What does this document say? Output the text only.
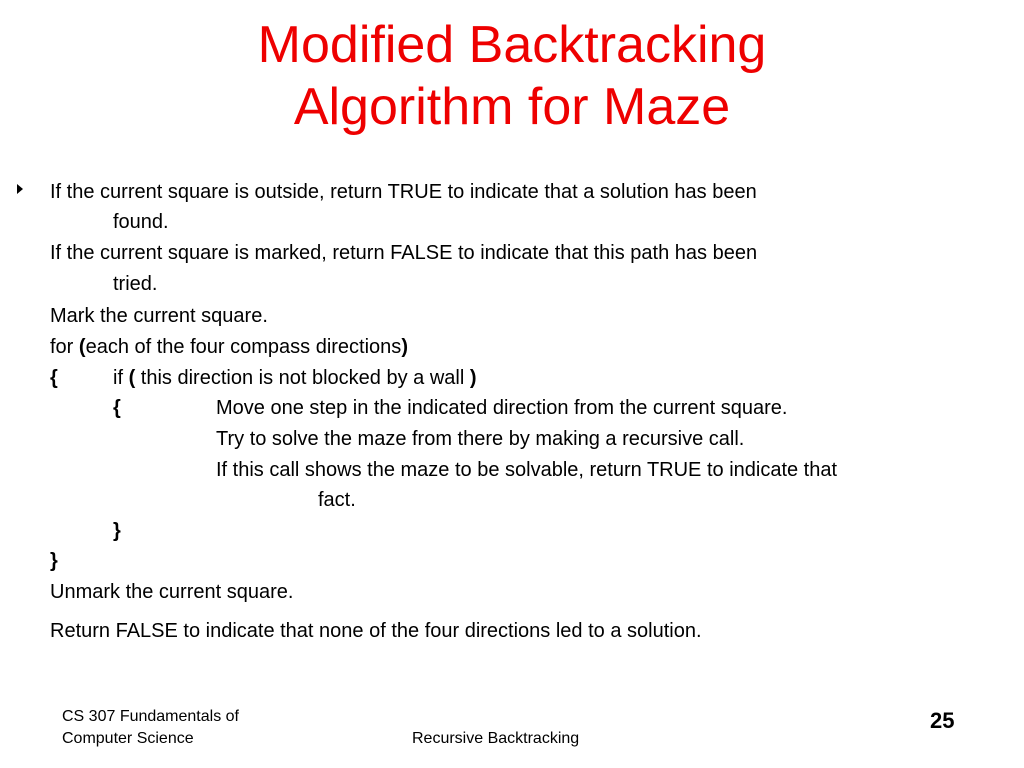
Modified Backtracking
Algorithm for Maze
If the current square is outside, return TRUE to indicate that a solution has been
found.
If the current square is marked, return FALSE to indicate that this path has been
tried.
Mark the current square.
for (each of the four compass directions)
{	if ( this direction is not blocked by a wall )
{	Move one step in the indicated direction from the current square.
Try to solve the maze from there by making a recursive call.
If this call shows the maze to be solvable, return TRUE to indicate that
fact.
}
}
Unmark the current square.
Return FALSE to indicate that none of the four directions led to a solution.
CS 307 Fundamentals of
Computer Science	Recursive Backtracking
25
